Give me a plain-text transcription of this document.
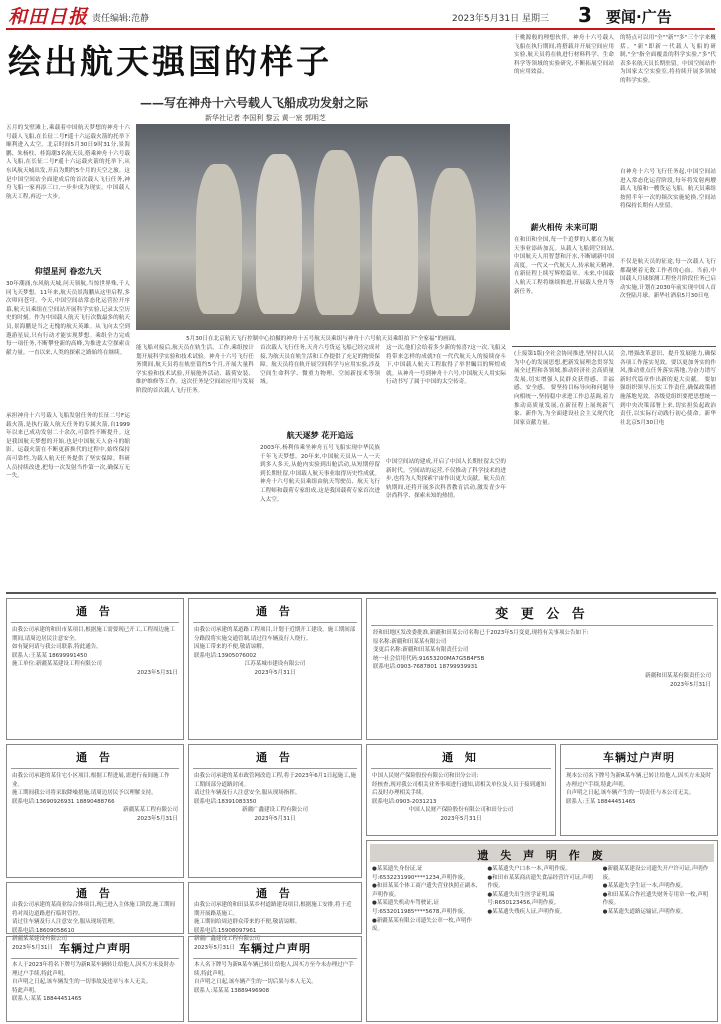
和田日报 责任编辑:范静	2023年5月31日 星期三 3 要闻·广告
绘出航天强国的样子
——写在神舟十六号载人飞船成功发射之际
新华社记者 李国利 黎云 黄一宸 郭明芝
五月的戈壁滩上,乘载着中国航天梦想的神舟十六号载人飞船,在长征二号F遥十六运载火箭的托举下顺利进入太空。北京时间5月30日9时31分,景海鹏、朱杨柱、桂海潮3名航天员,搭乘神舟十六号载人飞船,在长征二号F遥十六运载火箭的托举下,从东风航天城出发,开启为期约5个月的天空之旅。这是中国空间站全面建成后的首次载人飞行任务,神舟飞船一家再添三口,一步步成为现实。中国载人航天工程,再迈一大步。
仰望星河 眷恋九天
30年潮涌,东风航天城,问天领航,当惊世界殊,千人同飞天梦想。11年来,航天员景海鹏从这里启程,多次叩问苍穹。今天,中国空间站常态化运营拉开序幕,航天员乘组在空间站开展科学实验,记录太空历史的时刻。作为中国载人航天飞行次数最多的航天员,景海鹏是当之无愧的航天英雄。从飞向太空到遨游星辰,只有行动才能实现梦想。乘组全力完成每一项任务,不断攀登新的高峰,为推进太空探索贡献力量。一直以来,人类的探索之路始终在继续。
承担神舟十六号载人飞船发射任务的长征二号F运载火箭,是执行载人航天任务的专属火箭,自1999年以来已成功发射二十余次,可靠性不断提升。这是我国航天梦想的开始,也是中国航天人奋斗的缩影。运载火箭在不断更新换代的过程中,始终保持高可靠性,为载人航天任务提供了坚实保障。科研人员持续改进,把每一次发射当作第一次,确保万无一失。
5月30日在北京航天飞行控制中心拍摄的神舟十五号航天员乘组与神舟十六号航天员乘组拍下“全家福”的画面。
能飞船对接后,航天员在轨生活、工作,乘组按计划开展科学实验和技术试验。神舟十六号飞行任务期间,航天员将在轨驻留约5个月,开展大量科学实验和技术试验,开展舱外活动、载荷安装、维护维修等工作。这次任务是空间站应用与发展阶段的首次载人飞行任务。
首次载人飞行任务,天舟六号货运飞船已经完成对接,为航天员在轨生活和工作提供了充足的物资保障。航天员将在轨开展空间科学与应用实验,涉及空间生命科学、微重力物理、空间新技术等领域。
航天逐梦 花开追远
2003年,杨利伟乘坐神舟五号飞船实现中华民族千年飞天梦想。20年来,中国航天员从一人一天到多人多天,从舱内实验到出舱活动,从短期停留到长期驻留,中国载人航天事业取得历史性成就。神舟十六号航天员乘组由航天驾驶员、航天飞行工程师和载荷专家组成,这是我国载荷专家首次进入太空。
这一次,他们会给着多少新的惊喜?这一次,飞船又将带来怎样的成就?在一代代航天人的接续奋斗下,中国载人航天工程取得了举世瞩目的辉煌成就。从神舟一号到神舟十六号,中国航天人用实际行动书写了属于中国的太空传奇。
中国空间站的建成,开启了中国人长期驻留太空的新时代。空间站的运营,不仅推动了科学技术的进步,也将为人类探索宇宙作出更大贡献。航天员在轨期间,还将开展多次科普教育活动,激发青少年崇尚科学、探索未知的热情。
于桃源般的理想伙伴。神舟十六号载人飞船在执行期间,将搭载并开展空间应用实验,航天员将在轨进行材料科学、生命科学等领域的实验研究,不断拓展空间站的应用效益。
薪火相传 未来可期
在和田和全国,每一个追梦的人都在为航天事业添砖加瓦。从载人飞船到空间站,中国航天人用智慧和汗水,不断刷新中国高度。一代又一代航天人,传承航天精神,在新征程上续写辉煌篇章。未来,中国载人航天工程将继续推进,开展载人登月等新任务。
的特点可以用"全""新""多"三个字来概括。"新"即新一代载人飞船的研制,"全"指全面覆盖的科学实验,"多"代表多名航天员长期驻留。中国空间站作为国家太空实验室,将持续开展多领域的科学实验。
自神舟十六号飞行任务起,中国空间站进入常态化运营阶段,每年将发射两艘载人飞船和一艘货运飞船。航天员乘组按照半年一次的频次实施轮换,空间站将保持长期有人驻留。
不仅是航天员的征途,每一次载人飞行都凝聚着无数工作者的心血。当前,中国载人月球探测工程登月阶段任务已启动实施,计划在2030年前实现中国人首次登陆月球。新华社酒泉5月30日电
(上接第1版)全社会协同推进,坚持以人民为中心的发展思想,把新发展理念贯穿发展全过程和各领域,推动经济社会高质量发展,切实增强人民群众获得感、幸福感、安全感。 要坚持目标导向和问题导向相统一,坚持稳中求进工作总基调,着力推动高质量发展,在新征程上展现新气象、新作为,为全面建设社会主义现代化国家贡献力量。
会,增强改革意识、提升发展能力,确保各项工作落实见效。要以更加务实的作风,推动重点任务落实落地,为奋力谱写新时代篇章作出新的更大贡献。 要加强组织领导,压实工作责任,确保政策措施落地见效。各级党组织要把思想统一到中央决策部署上来,切实担负起政治责任,以实际行动践行初心使命。新华社北京5月30日电
通 告

由我公司承建的和田市某项目,根据施工需要现已开工,工程周边施工期间,请周边居民注意安全。

如有疑问请与我公司联系,特此通告。

联系人:王某某 18699991450

施工单位:新疆某某建设工程有限公司

2023年5月31日

通 告

由我公司承建的某道路工程项目,计划于近期开工建设。施工期间部分路段将实施交通管制,请过往车辆及行人绕行。

因施工带来的不便,敬请谅解。

联系电话:13905076002

江苏某城市建设有限公司

2023年5月31日

变 更 公 告

经和田地区发改委批准,新疆和田某公司名称已于2023年5月变更,现将有关事项公告如下:

原名称:新疆和田某某有限公司

变更后名称:新疆和田某某有限责任公司

统一社会信用代码:91653200MA7G5B4F5B

联系电话:0903-7687801 18799939931

新疆和田某某有限责任公司

2023年5月31日

通 告

由我公司承建的某住宅小区项目,根据工程进展,需进行夜间施工作业。

施工期间我公司将采取降噪措施,请周边居民予以理解支持。

联系电话:13690926931 18890488766

新疆某某工程有限公司

2023年5月31日

通 告

由我公司承建的某市政管网改造工程,将于2023年6月1日起施工,施工期间部分道路封闭。

请过往车辆及行人注意安全,服从现场指挥。

联系电话:18391083350

新疆广鑫建设工程有限公司

2023年5月31日

通 知

中国人民财产保险股份有限公司和田分公司:

经核查,现对我公司相关业务事项进行通知,请相关单位及人员于接到通知后及时办理相关手续。

联系电话:0903-2031213

中国人民财产保险股份有限公司和田分公司

2023年5月31日

车辆过户声明

现本公司名下牌号为新R某车辆,已转让给他人,因买方未及时办理过户手续,特此声明。

自声明之日起,该车辆产生的一切责任与本公司无关。

联系人:王某 18844451465

遗 失 声 明 作 废

●某某遗失身份证,证号:6532231990****1234,声明作废。

●和田某某个体工商户遗失营业执照正副本,声明作废。

●某某遗失机动车驾驶证,证号:6532011985****5678,声明作废。

●新疆某某有限公司遗失公章一枚,声明作废。

●某某遗失户口本一本,声明作废。

●和田市某某商店遗失食品经营许可证,声明作废。

●某某遗失出生医学证明,编号:R650123456,声明作废。

●某某遗失残疾人证,声明作废。

●新疆某某建设公司遗失开户许可证,声明作废。

●某某遗失学生证一本,声明作废。

●和田某某合作社遗失财务专用章一枚,声明作废。

●某某遗失道路运输证,声明作废。

通 告

由我公司承建的某商业综合体项目,现已进入主体施工阶段,施工期间将对周边道路进行临时管控。

请过往车辆及行人注意安全,服从现场管理。

联系电话:18609058610

新疆某某建设有限公司

2023年5月31日

通 告

由我公司承建的和田县某乡村道路建设项目,根据施工安排,将于近期开展路基施工。

施工期间给周边群众带来的不便,敬请谅解。

联系电话:15908097961

新疆广鑫建设工程有限公司

2023年5月31日

车辆过户声明

本人于2023年将名下牌号为新R某车辆转让给他人,因买方未及时办理过户手续,特此声明。

自声明之日起,该车辆发生的一切事故及违章与本人无关。

特此声明。

联系人:某某 18844451465

车辆过户声明

本人名下牌号为新R某车辆已转让给他人,因买方至今未办理过户手续,特此声明。

自声明之日起,该车辆产生的一切后果与本人无关。

联系人:某某某 13889496908
